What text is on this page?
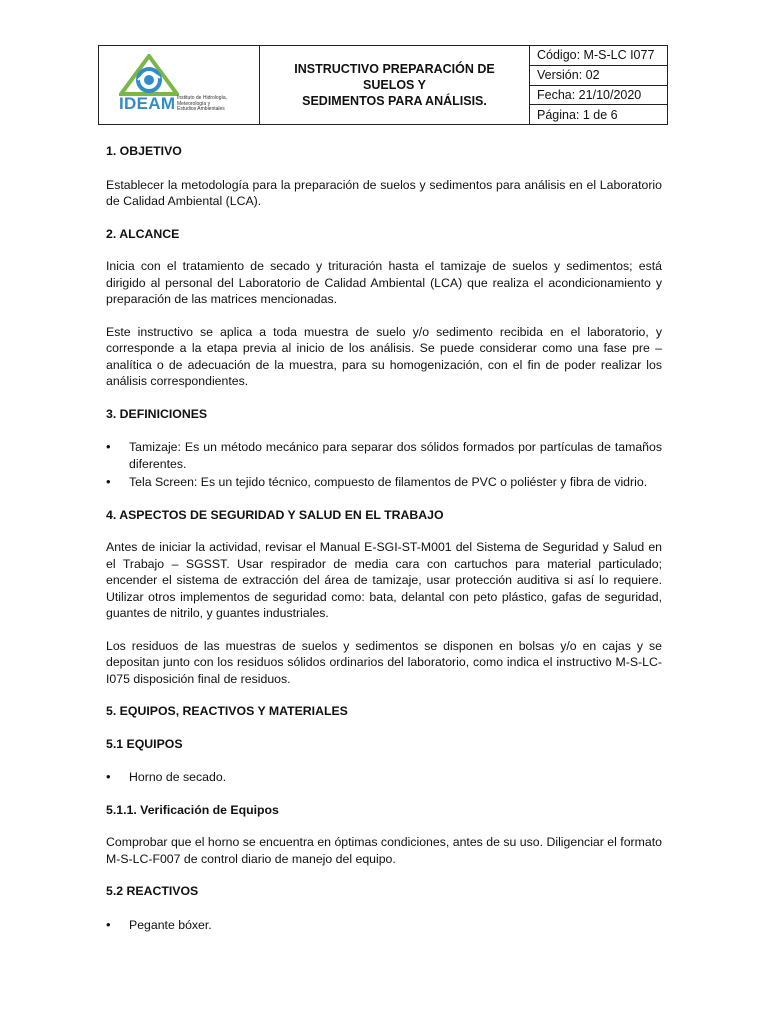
IDEAM Instituto de Hidrología,
Meteorología y
Estudios Ambientales
INSTRUCTIVO PREPARACIÓN DE SUELOS Y
SEDIMENTOS PARA ANÁLISIS.
Código: M-S-LC I077
Versión: 02
Fecha: 21/10/2020
Página: 1 de 6

1. OBJETIVO

Establecer la metodología para la preparación de suelos y sedimentos para análisis en el Laboratorio de Calidad Ambiental (LCA).

2. ALCANCE

Inicia con el tratamiento de secado y trituración hasta el tamizaje de suelos y sedimentos; está dirigido al personal del Laboratorio de Calidad Ambiental (LCA) que realiza el acondicionamiento y preparación de las matrices mencionadas.

Este instructivo se aplica a toda muestra de suelo y/o sedimento recibida en el laboratorio, y corresponde a la etapa previa al inicio de los análisis. Se puede considerar como una fase pre – analítica o de adecuación de la muestra, para su homogenización, con el fin de poder realizar los análisis correspondientes.

3. DEFINICIONES

• Tamizaje: Es un método mecánico para separar dos sólidos formados por partículas de tamaños diferentes.
• Tela Screen: Es un tejido técnico, compuesto de filamentos de PVC o poliéster y fibra de vidrio.

4. ASPECTOS DE SEGURIDAD Y SALUD EN EL TRABAJO

Antes de iniciar la actividad, revisar el Manual E-SGI-ST-M001 del Sistema de Seguridad y Salud en el Trabajo – SGSST. Usar respirador de media cara con cartuchos para material particulado; encender el sistema de extracción del área de tamizaje, usar protección auditiva si así lo requiere. Utilizar otros implementos de seguridad como: bata, delantal con peto plástico, gafas de seguridad, guantes de nitrilo, y guantes industriales.

Los residuos de las muestras de suelos y sedimentos se disponen en bolsas y/o en cajas y se depositan junto con los residuos sólidos ordinarios del laboratorio, como indica el instructivo M-S-LC-I075 disposición final de residuos.

5. EQUIPOS, REACTIVOS Y MATERIALES

5.1 EQUIPOS

• Horno de secado.

5.1.1. Verificación de Equipos

Comprobar que el horno se encuentra en óptimas condiciones, antes de su uso. Diligenciar el formato M-S-LC-F007 de control diario de manejo del equipo.

5.2 REACTIVOS

• Pegante bóxer.
